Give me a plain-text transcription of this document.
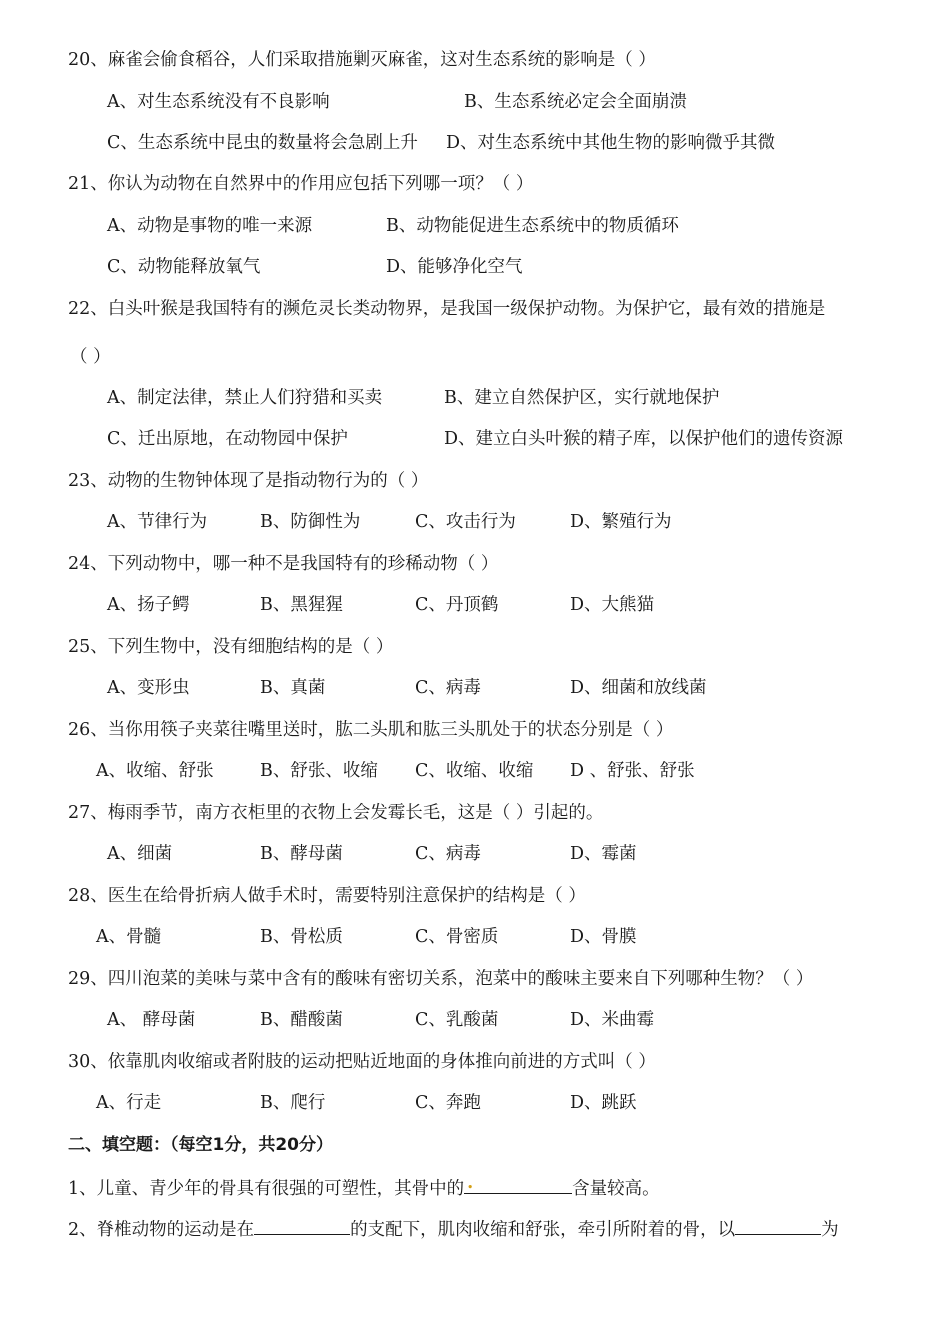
20、麻雀会偷食稻谷，人们采取措施剿灭麻雀，这对生态系统的影响是（ ）
A、对生态系统没有不良影响	B、生态系统必定会全面崩溃
C、生态系统中昆虫的数量将会急剧上升 D、对生态系统中其他生物的影响微乎其微
21、你认为动物在自然界中的作用应包括下列哪一项？（ ）
A、动物是事物的唯一来源	B、动物能促进生态系统中的物质循环
C、动物能释放氧气	D、能够净化空气
22、白头叶猴是我国特有的濒危灵长类动物界，是我国一级保护动物。为保护它，最有效的措施是
（ ）
A、制定法律，禁止人们狩猎和买卖	B、建立自然保护区，实行就地保护
C、迁出原地，在动物园中保护	D、建立白头叶猴的精子库，以保护他们的遗传资源
23、动物的生物钟体现了是指动物行为的（ ）
A、节律行为	B、防御性为	C、攻击行为	D、繁殖行为
24、下列动物中，哪一种不是我国特有的珍稀动物（ ）
A、扬子鳄	B、黑猩猩	C、丹顶鹤	D、大熊猫
25、下列生物中，没有细胞结构的是（ ）
A、变形虫	B、真菌	C、病毒	D、细菌和放线菌
26、当你用筷子夹菜往嘴里送时，肱二头肌和肱三头肌处于的状态分别是（ ）
A、收缩、舒张	B、舒张、收缩 C、收缩、收缩 D 、舒张、舒张
27、梅雨季节，南方衣柜里的衣物上会发霉长毛，这是（ ）引起的。
A、细菌	B、酵母菌	C、病毒	D、霉菌
28、医生在给骨折病人做手术时，需要特别注意保护的结构是（ ）
A、骨髓	B、骨松质	C、骨密质	D、骨膜
29、四川泡菜的美味与菜中含有的酸味有密切关系，泡菜中的酸味主要来自下列哪种生物？（ ）
A、 酵母菌	B、醋酸菌	C、乳酸菌	D、米曲霉
30、依靠肌肉收缩或者附肢的运动把贴近地面的身体推向前进的方式叫（ ）
A、行走	B、爬行	C、奔跑	D、跳跃
二、填空题：（每空1分，共20分）
1、儿童、青少年的骨具有很强的可塑性，其骨中的 .	含量较高。
2、脊椎动物的运动是在	的支配下，肌肉收缩和舒张，牵引所附着的骨，以	为
